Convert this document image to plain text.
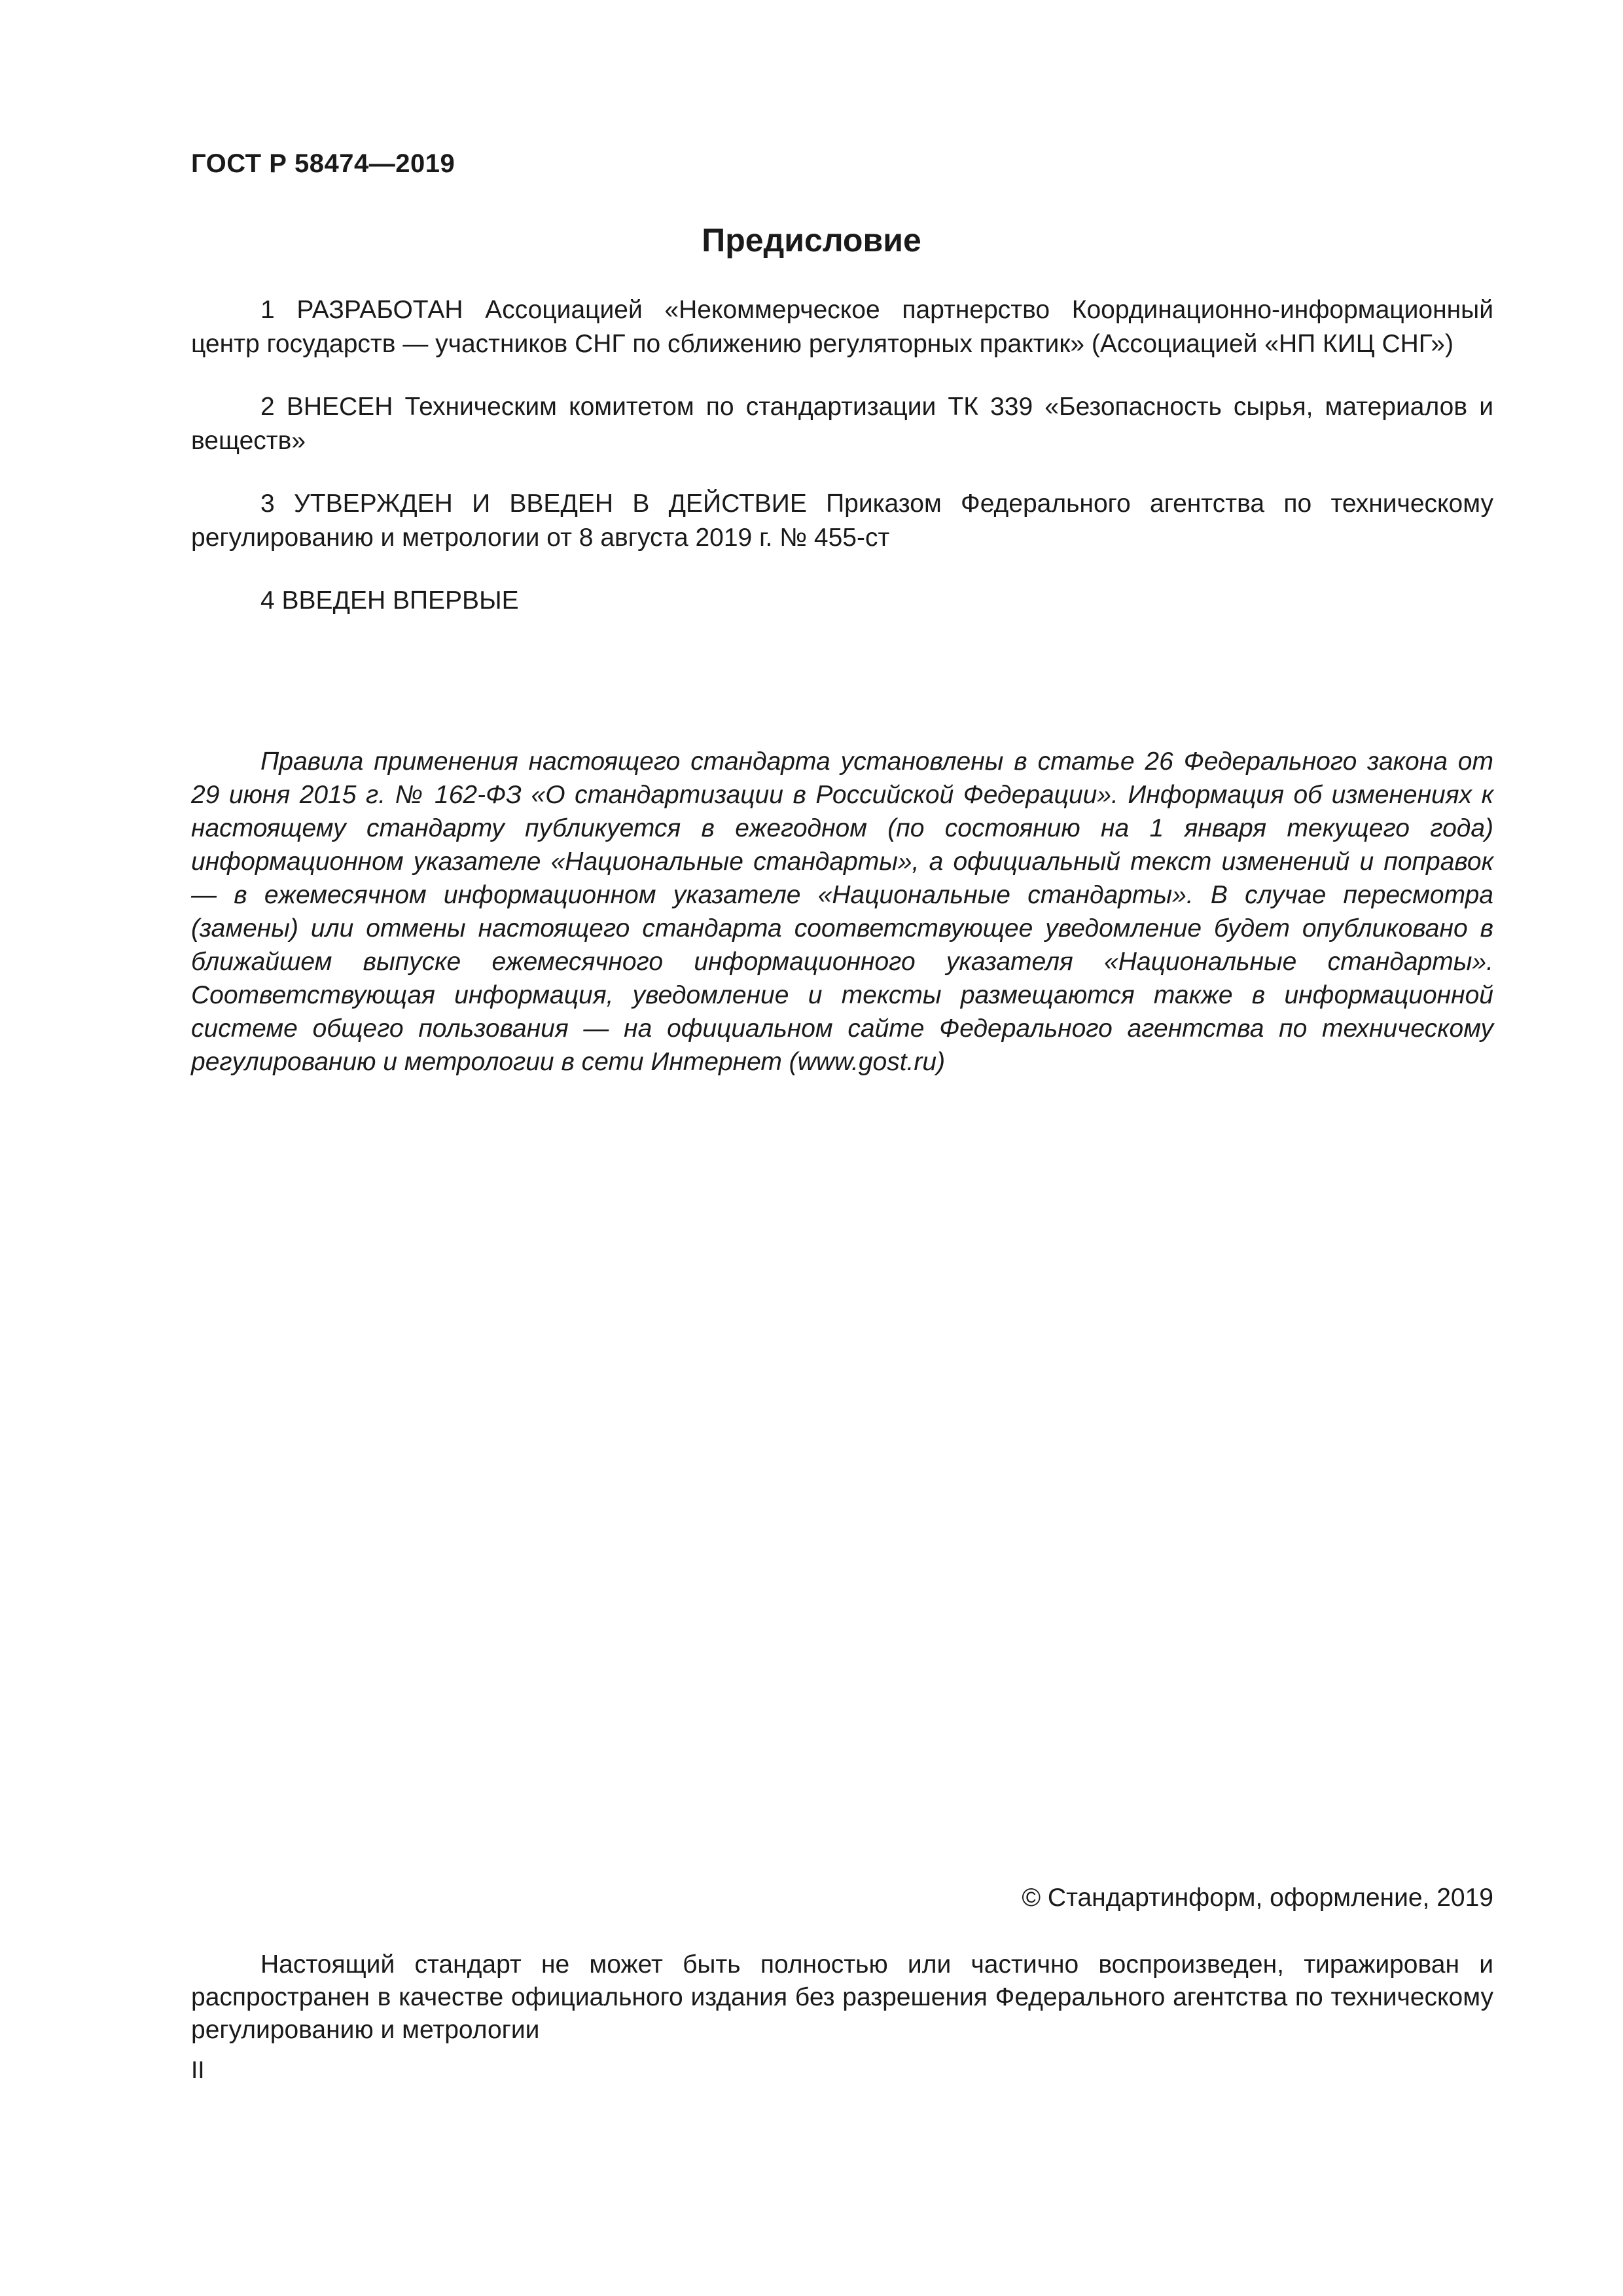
ГОСТ Р 58474—2019

Предисловие

1 РАЗРАБОТАН Ассоциацией «Некоммерческое партнерство Координационно-информационный центр государств — участников СНГ по сближению регуляторных практик» (Ассоциацией «НП КИЦ СНГ»)

2 ВНЕСЕН Техническим комитетом по стандартизации ТК 339 «Безопасность сырья, материалов и веществ»

3 УТВЕРЖДЕН И ВВЕДЕН В ДЕЙСТВИЕ Приказом Федерального агентства по техническому регулированию и метрологии от 8 августа 2019 г. № 455-ст

4 ВВЕДЕН ВПЕРВЫЕ

Правила применения настоящего стандарта установлены в статье 26 Федерального закона от 29 июня 2015 г. № 162-ФЗ «О стандартизации в Российской Федерации». Информация об изменениях к настоящему стандарту публикуется в ежегодном (по состоянию на 1 января текущего года) информационном указателе «Национальные стандарты», а официальный текст изменений и поправок — в ежемесячном информационном указателе «Национальные стандарты». В случае пересмотра (замены) или отмены настоящего стандарта соответствующее уведомление будет опубликовано в ближайшем выпуске ежемесячного информационного указателя «Национальные стандарты». Соответствующая информация, уведомление и тексты размещаются также в информационной системе общего пользования — на официальном сайте Федерального агентства по техническому регулированию и метрологии в сети Интернет (www.gost.ru)

© Стандартинформ, оформление, 2019

Настоящий стандарт не может быть полностью или частично воспроизведен, тиражирован и распространен в качестве официального издания без разрешения Федерального агентства по техническому регулированию и метрологии

II
